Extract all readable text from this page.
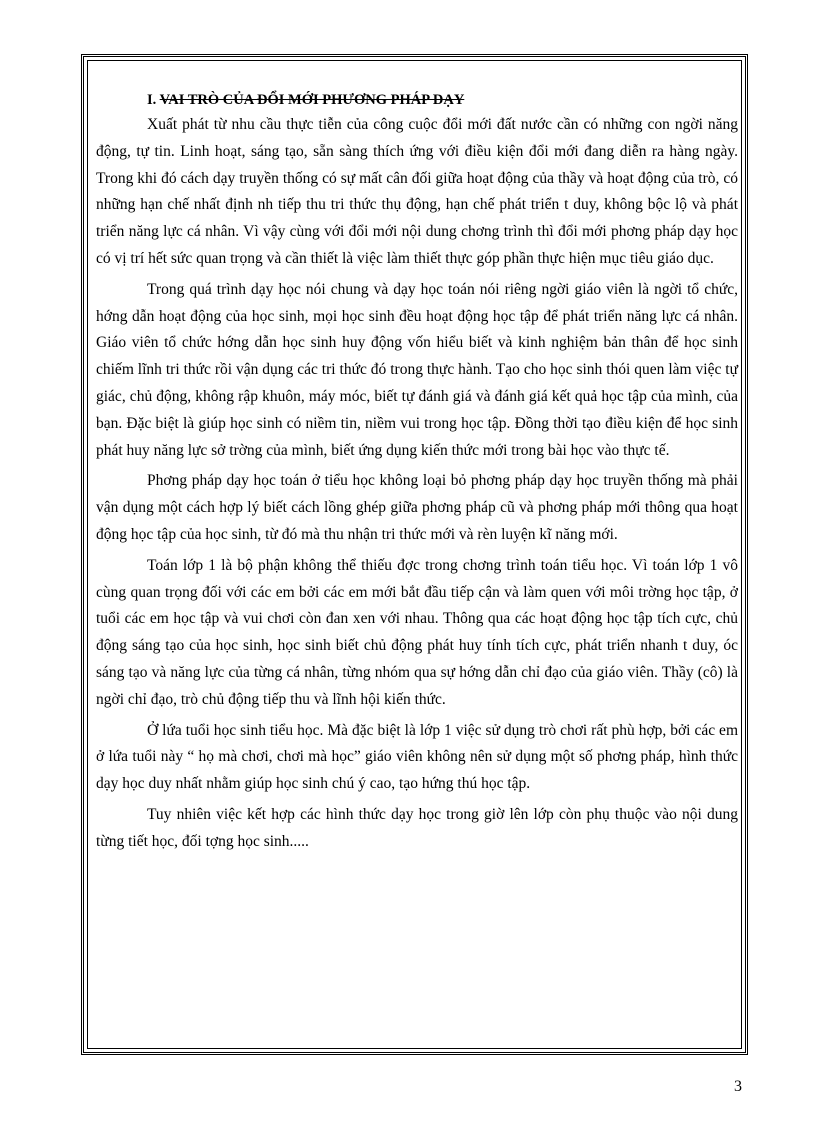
I. VAI TRÒ CỦA ĐỔI MỚI PHƯƠNG PHÁP DẠY

Xuất phát từ nhu cầu thực tiễn của công cuộc đổi mới đất nước cần có những con ngời năng động, tự tin. Linh hoạt, sáng tạo, sẵn sàng thích ứng với điều kiện đổi mới đang diễn ra hàng ngày. Trong khi đó cách dạy truyền thống có sự mất cân đối giữa hoạt động của thầy và hoạt động của trò, có những hạn chế nhất định nh tiếp thu tri thức thụ động, hạn chế phát triển t duy, không bộc lộ và phát triển năng lực cá nhân. Vì vậy cùng với đổi mới nội dung chơng trình thì đổi mới phơng pháp dạy học có vị trí hết sức quan trọng và cần thiết là việc làm thiết thực góp phần thực hiện mục tiêu giáo dục.

Trong quá trình dạy học nói chung và dạy học toán nói riêng ngời giáo viên là ngời tổ chức, hớng dẫn hoạt động của học sinh, mọi học sinh đều hoạt động học tập để phát triển năng lực cá nhân. Giáo viên tổ chức hớng dẫn học sinh huy động vốn hiểu biết và kinh nghiệm bản thân để học sinh chiếm lĩnh tri thức rồi vận dụng các tri thức đó trong thực hành. Tạo cho học sinh thói quen làm việc tự giác, chủ động, không rập khuôn, máy móc, biết tự đánh giá và đánh giá kết quả học tập của mình, của bạn. Đặc biệt là giúp học sinh có niềm tin, niềm vui trong học tập. Đồng thời tạo điều kiện để học sinh phát huy năng lực sở trờng của mình, biết ứng dụng kiến thức mới trong bài học vào thực tế.

Phơng pháp dạy học toán ở tiểu học không loại bỏ phơng pháp dạy học truyền thống mà phải vận dụng một cách hợp lý biết cách lồng ghép giữa phơng pháp cũ và phơng pháp mới thông qua hoạt động học tập của học sinh, từ đó mà thu nhận tri thức mới và rèn luyện kĩ năng mới.

Toán lớp 1 là bộ phận không thể thiếu đợc trong chơng trình toán tiểu học. Vì toán lớp 1 vô cùng quan trọng đối với các em bởi các em mới bắt đầu tiếp cận và làm quen với môi trờng học tập, ở tuổi các em học tập và vui chơi còn đan xen với nhau. Thông qua các hoạt động học tập tích cực, chủ động sáng tạo của học sinh, học sinh biết chủ động phát huy tính tích cực, phát triển nhanh t duy, óc sáng tạo và năng lực của từng cá nhân, từng nhóm qua sự hớng dẫn chỉ đạo của giáo viên. Thầy (cô) là ngời chỉ đạo, trò chủ động tiếp thu và lĩnh hội kiến thức.

Ở lứa tuổi học sinh tiểu học. Mà đặc biệt là lớp 1 việc sử dụng trò chơi rất phù hợp, bởi các em ở lứa tuổi này “ họ mà chơi, chơi mà học” giáo viên không nên sử dụng một số phơng pháp, hình thức dạy học duy nhất nhằm giúp học sinh chú ý cao, tạo hứng thú học tập.

Tuy nhiên việc kết hợp các hình thức dạy học trong giờ lên lớp còn phụ thuộc vào nội dung từng tiết học, đối tợng học sinh.....

3
